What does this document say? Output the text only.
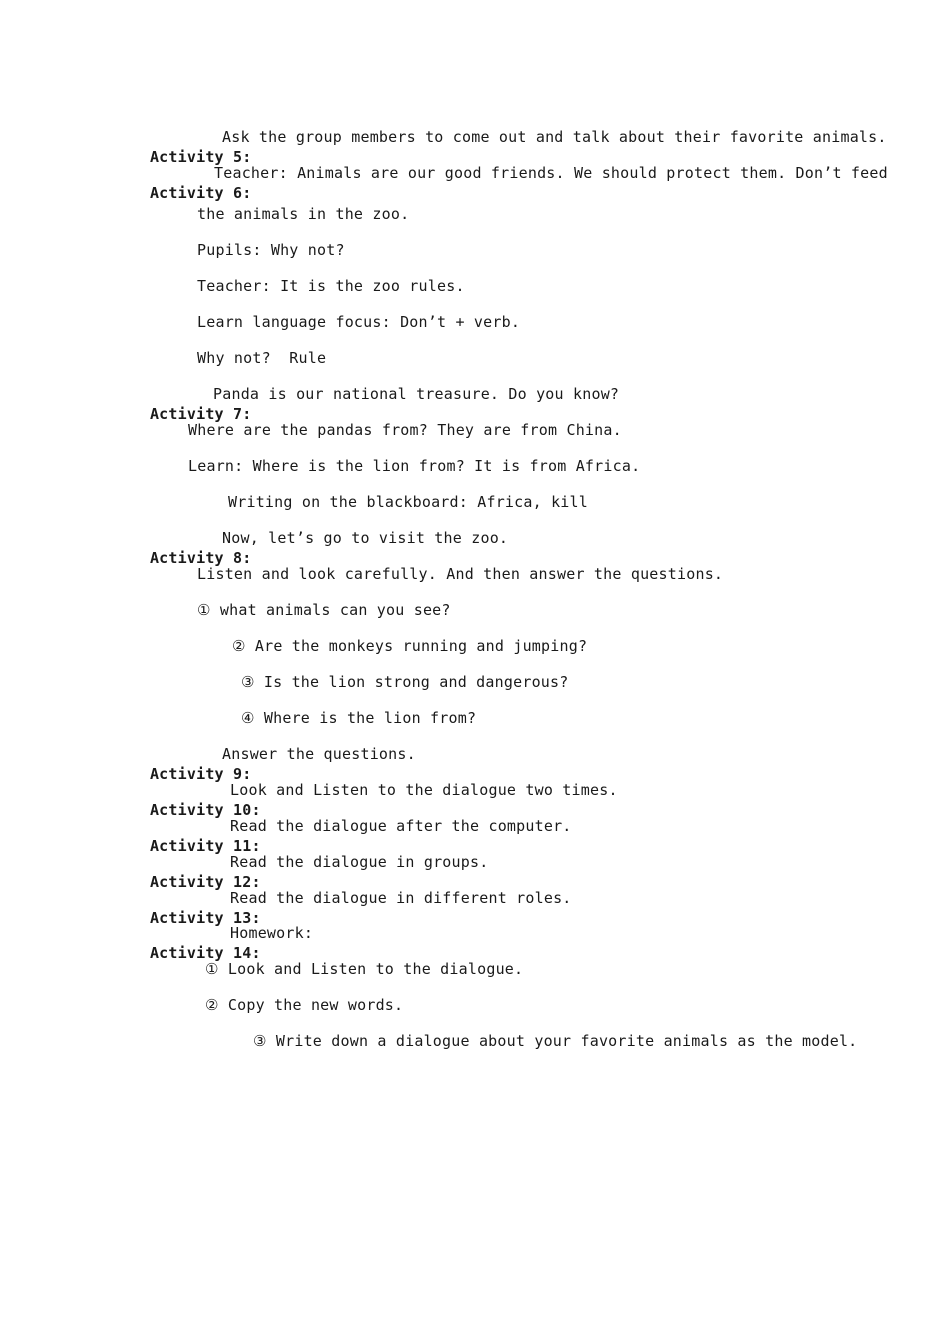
Activity 5:

Ask the group members to come out and talk about their favorite animals.

Activity 6:

Teacher: Animals are our good friends. We should protect them. Don’t feed
the animals in the zoo.
Pupils: Why not?
Teacher: It is the zoo rules.
Learn language focus: Don’t + verb.
Why not?  Rule

Activity 7:

Panda is our national treasure. Do you know?
Where are the pandas from? They are from China.
Learn: Where is the lion from? It is from Africa.
Writing on the blackboard: Africa, kill

Activity 8:

Now, let’s go to visit the zoo.
Listen and look carefully. And then answer the questions.
① what animals can you see?
② Are the monkeys running and jumping?
③ Is the lion strong and dangerous?
④ Where is the lion from?

Activity 9:

Answer the questions.

Activity 10:

Look and Listen to the dialogue two times.

Activity 11:

Read the dialogue after the computer.

Activity 12:

Read the dialogue in groups.

Activity 13:

Read the dialogue in different roles.

Activity 14:

Homework:
① Look and Listen to the dialogue.
② Copy the new words.
③ Write down a dialogue about your favorite animals as the model.
